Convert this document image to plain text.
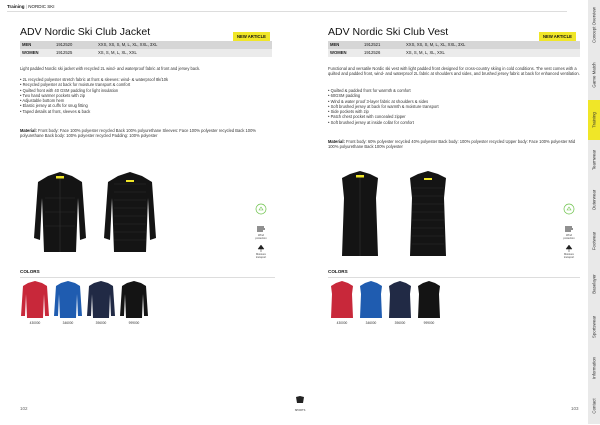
Training | NORDIC SKI
ADV Nordic Ski Club Jacket	NEW ARTICLE
MEN	1912520	XXS, XS, S, M, L, XL, XXL, 3XL
WOMEN	1912525	XS, S, M, L, XL, XXL

Light padded Nordic ski jacket with recycled 2L wind- and waterproof fabric at front and jersey back.

• 2L recycled polyester stretch fabric at front & sleeves: wind- & waterproof 8k/10k
• Recycled polyester at back for moisture transport & comfort
• Quilted front with 40 GSM padding for light insulation
• Two hand warmer pockets with zip
• Adjustable bottom hem
• Elastic jersey at cuffs for snug fitting
• Taped details at front, sleeves & back

Material: Front body: Face 100% polyester recycled Back 100% polyurethane Sleeves: Face 100% polyester recycled Back 100% polyurethane Back body: 100% polyester recycled Padding: 100% polyester

Wind protection
Moisture transport
COLORS
430000	346000	396000	999000
102	SPORTS
ADV Nordic Ski Club Vest	NEW ARTICLE
MEN	1912521	XXS, XS, S, M, L, XL, XXL, 3XL
WOMEN	1912526	XS, S, M, L, XL, XXL

Functional and versatile Nordic ski vest with light padded front designed for cross-country skiing in cold conditions. The vest comes with a quilted and padded front, wind- and waterproof 2L fabric at shoulders and sides, and brushed jersey fabric at back for enhanced ventilation.

• Quilted & padded front for warmth & comfort
• 60GSM padding
• Wind & water proof 3-layer fabric at shoulders & sides
• Soft brushed jersey at back for warmth & moisture transport
• Side pockets with zip
• Patch chest pocket with concealed zipper
• Soft brushed jersey at inside collar for comfort

Material: Front body: 60% polyester recycled 40% polyester Back body: 100% polyester recycled Upper body: Face 100% polyester Mid 100% polyurethane Back 100% polyester

Wind protection
Moisture transport
COLORS
430000	346000	396000	999000
103
Concept Overview
Game Match
Training
Teamwear
Outerwear
Footwear
Baselayer
Sportswear
Information
Contact
